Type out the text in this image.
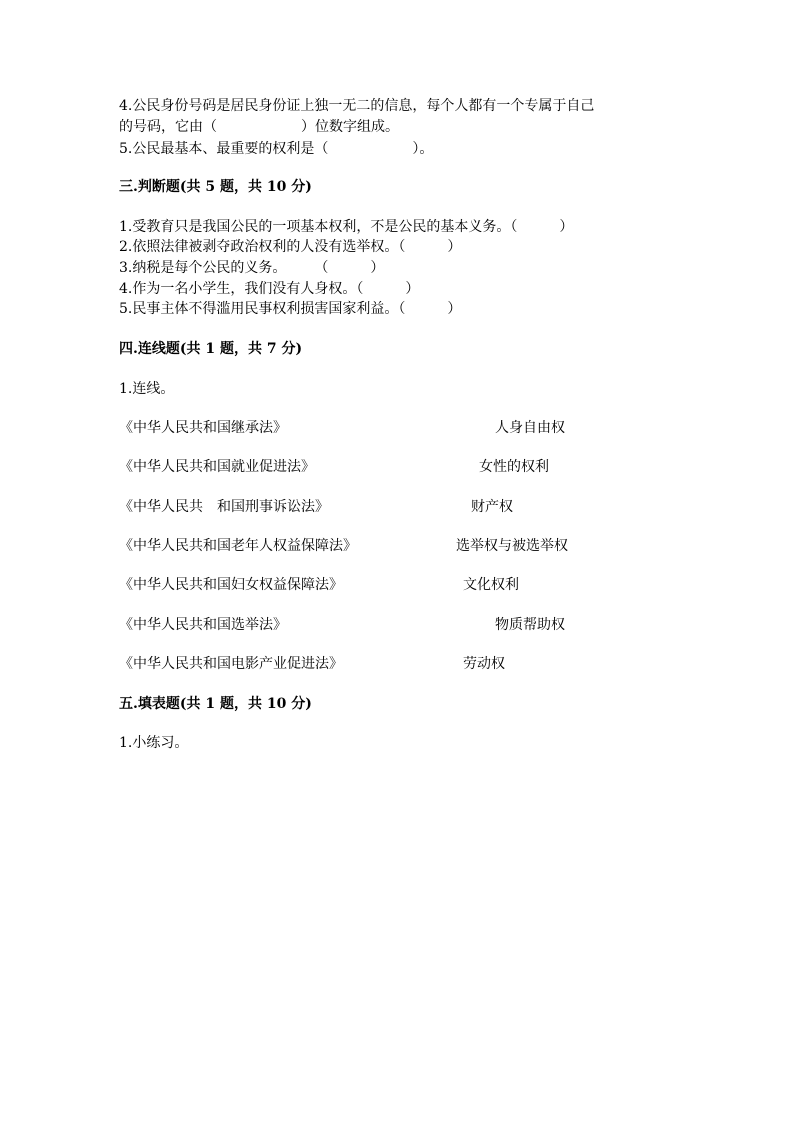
4.公民身份号码是居民身份证上独一无二的信息，每个人都有一个专属于自己
的号码，它由（　　　　　　）位数字组成。
5.公民最基本、最重要的权利是（　　　　　　）。
三.判断题(共 5 题，共 10 分)
1.受教育只是我国公民的一项基本权利，不是公民的基本义务。（　　　）
2.依照法律被剥夺政治权利的人没有选举权。（　　　）
3.纳税是每个公民的义务。　　　（　　　）
4.作为一名小学生，我们没有人身权。（　　　）
5.民事主体不得滥用民事权利损害国家利益。（　　　）
四.连线题(共 1 题，共 7 分)
1.连线。
《中华人民共和国继承法》	人身自由权
《中华人民共和国就业促进法》	女性的权利
《中华人民共　和国刑事诉讼法》	财产权
《中华人民共和国老年人权益保障法》	选举权与被选举权
《中华人民共和国妇女权益保障法》	文化权利
《中华人民共和国选举法》	物质帮助权
《中华人民共和国电影产业促进法》	劳动权
五.填表题(共 1 题，共 10 分)
1.小练习。
